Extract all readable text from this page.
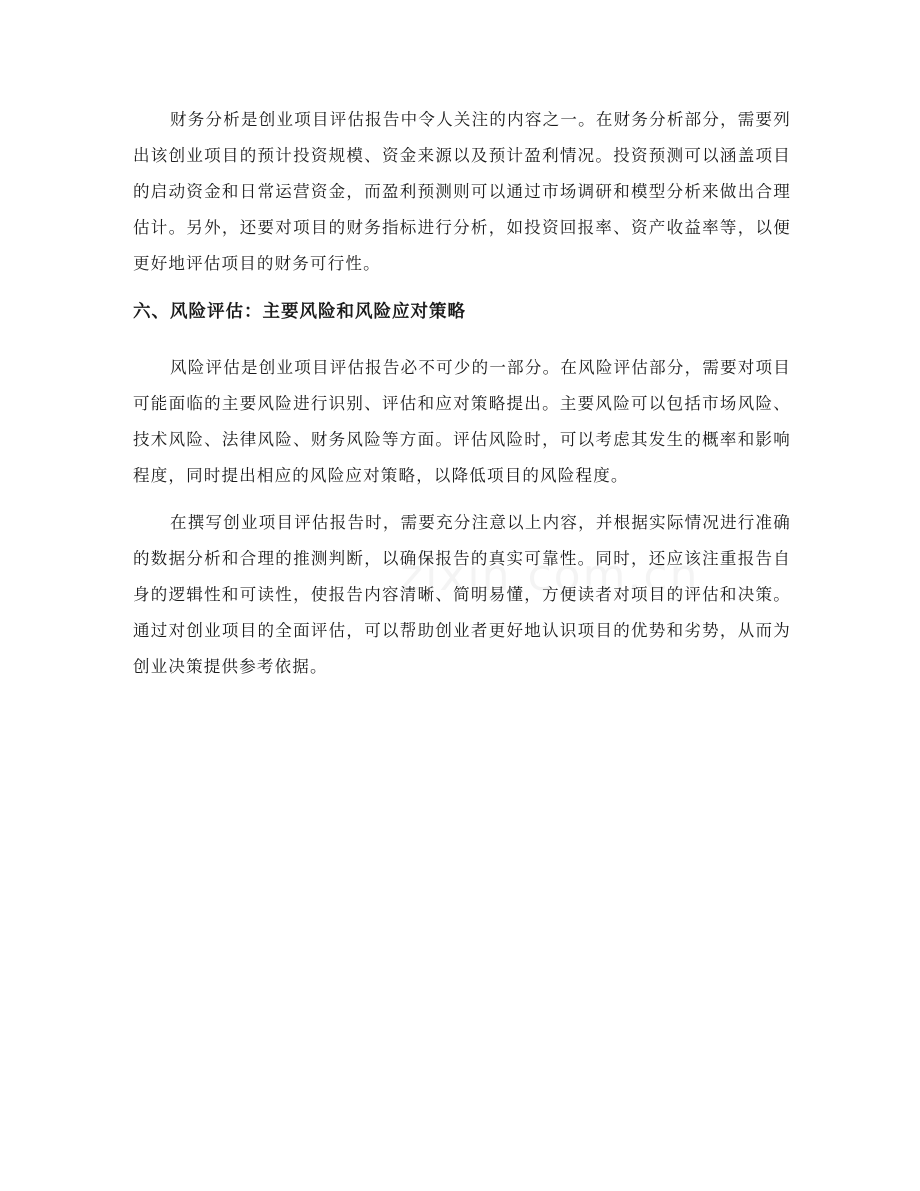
财务分析是创业项目评估报告中令人关注的内容之一。在财务分析部分，需要列出该创业项目的预计投资规模、资金来源以及预计盈利情况。投资预测可以涵盖项目的启动资金和日常运营资金，而盈利预测则可以通过市场调研和模型分析来做出合理估计。另外，还要对项目的财务指标进行分析，如投资回报率、资产收益率等，以便更好地评估项目的财务可行性。

六、风险评估：主要风险和风险应对策略

风险评估是创业项目评估报告必不可少的一部分。在风险评估部分，需要对项目可能面临的主要风险进行识别、评估和应对策略提出。主要风险可以包括市场风险、技术风险、法律风险、财务风险等方面。评估风险时，可以考虑其发生的概率和影响程度，同时提出相应的风险应对策略，以降低项目的风险程度。

在撰写创业项目评估报告时，需要充分注意以上内容，并根据实际情况进行准确的数据分析和合理的推测判断，以确保报告的真实可靠性。同时，还应该注重报告自身的逻辑性和可读性，使报告内容清晰、简明易懂，方便读者对项目的评估和决策。通过对创业项目的全面评估，可以帮助创业者更好地认识项目的优势和劣势，从而为创业决策提供参考依据。
